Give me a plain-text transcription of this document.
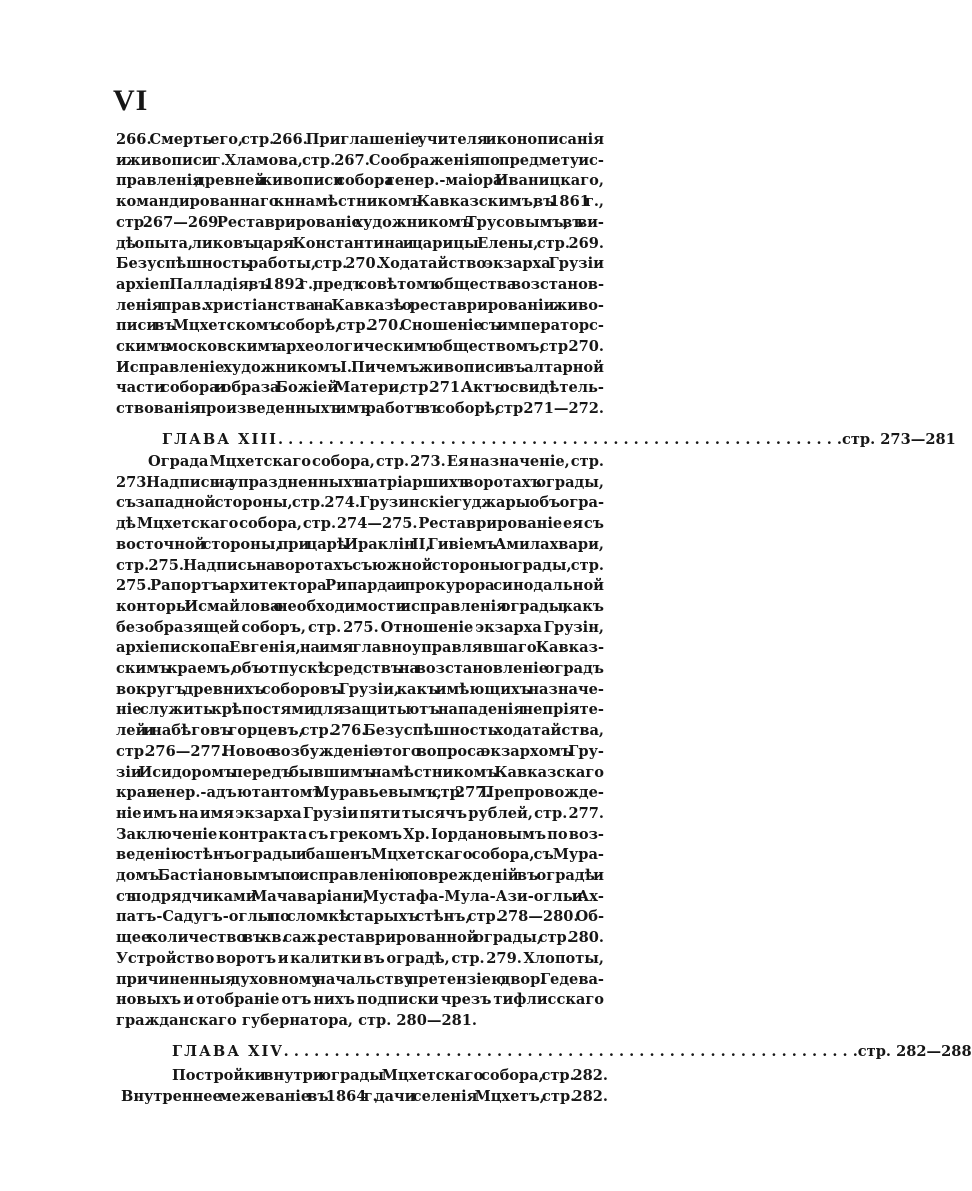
VI
266. Смерть его, стр. 266. Приглашеніе учителя иконописанія
и живописи г. Хламова, стр. 267. Соображенія по предмету ис-
правленія древней живописи собора генер.-маіора Иваницкаго,
командированнаго кн. намѣстникомъ Кавказскимъ, въ 1861 г.,
стр. 267—269. Реставрированіе художникомъ Трусовымъ, въ ви-
дѣ опыта, ликовъ царя Константина и царицы Елены, стр. 269.
Безуспѣшность работы, стр. 270. Ходатайство экзарха Грузіи
архіеп. Палладія, въ 1892 г., предъ совѣтомъ общества возстанов-
ленія прав. христіанства на Кавказѣ о реставрированіи живо-
писи въ Мцхетскомъ соборѣ, стр. 270. Сношеніе съ императорс-
скимъ московскимъ археологическимъ обществомъ, стр. 270.
Исправленіе художникомъ І. Пичемъ живописи въ алтарной
части собора и образа Божіей Матери, стр. 271. Актъ освидѣтель-
ствованія произведенныхъ имъ работъ въ соборѣ, стр. 271—272.
ГЛАВА XIII. . . . . . . . . . . . . . . . . . . . . . . . . . . . . . . . . . . . . . . . . . . . . . . . . . . . . . . .стр. 273—281
Ограда Мцхетскаго собора, стр. 273. Ея назначеніе, стр.
273. Надпись на упраздненныхъ патріаршихъ воротахъ ограды,
съ западной стороны, стр. 274. Грузинскіе гуджары объ огра-
дѣ Мцхетскаго собора, стр. 274—275. Реставрированіе ея съ
восточной стороны, при царѣ Ираклін II, Гивіемъ Амилахвари,
стр. 275. Надпись на воротахъ съ южной стороны ограды, стр.
275. Рапортъ архитектора Рипарда и прокурора синодальной
конторы Исмайлова о необходимости исправленія ограды, какъ
безобразящей соборъ, стр. 275. Отношеніе экзарха Грузін,
архіепископа Евгенія, на имя главноуправлявшаго Кавказ-
скимъ краемъ, объ отпускѣ средствъ на возстановленіе оградъ
вокругъ древнихъ соборовъ Грузіи, какъ имѣющихъ назначе-
ніе служить крѣпостями для защиты отъ нападенія непріяте-
лей и набѣговъ горцевъ, стр. 276. Безуспѣшность ходатайства,
стр. 276—277. Новое возбужденіе этого вопроса экзархомъ Гру-
зіи Исидоромъ передъ бывшимъ намѣстникомъ Кавказскаго
края генер.-адъютантомъ Муравьевымъ, стр. 277. Препровожде-
ніе имъ на имя экзарха Грузіи пяти тысячъ рублей, стр. 277.
Заключеніе контракта съ грекомъ Хр. Іордановымъ по воз-
веденію стѣнъ ограды и башенъ Мцхетскаго собора, съ Мура-
домъ Бастіановымъ по исправленію поврежденій въ оградѣ и
съ подрядчиками Мачаваріани, Мустафа-Мула-Ази-оглы и Ах-
патъ-Садугъ-оглы по сломкѣ старыхъ стѣнъ, стр. 278—280. Об-
щее количество въ кв. саж. реставрированной ограды, стр. 280.
Устройство воротъ и калитки въ оградѣ, стр. 279. Хлопоты,
причиненныя духовному начальству претензіею двор. Гедева-
новыхъ и отобраніе отъ нихъ подписки чрезъ тифлисскаго
гражданскаго губернатора, стр. 280—281.
ГЛАВА XIV. . . . . . . . . . . . . . . . . . . . . . . . . . . . . . . . . . . . . . . . . . . . . . . . . . . . . . . . .стр. 282—288
Постройки внутри ограды Мцхетскаго собора, стр. 282.
Внутреннее межеваніе въ 1864 г. дачи селенія Мцхетъ, стр. 282.
